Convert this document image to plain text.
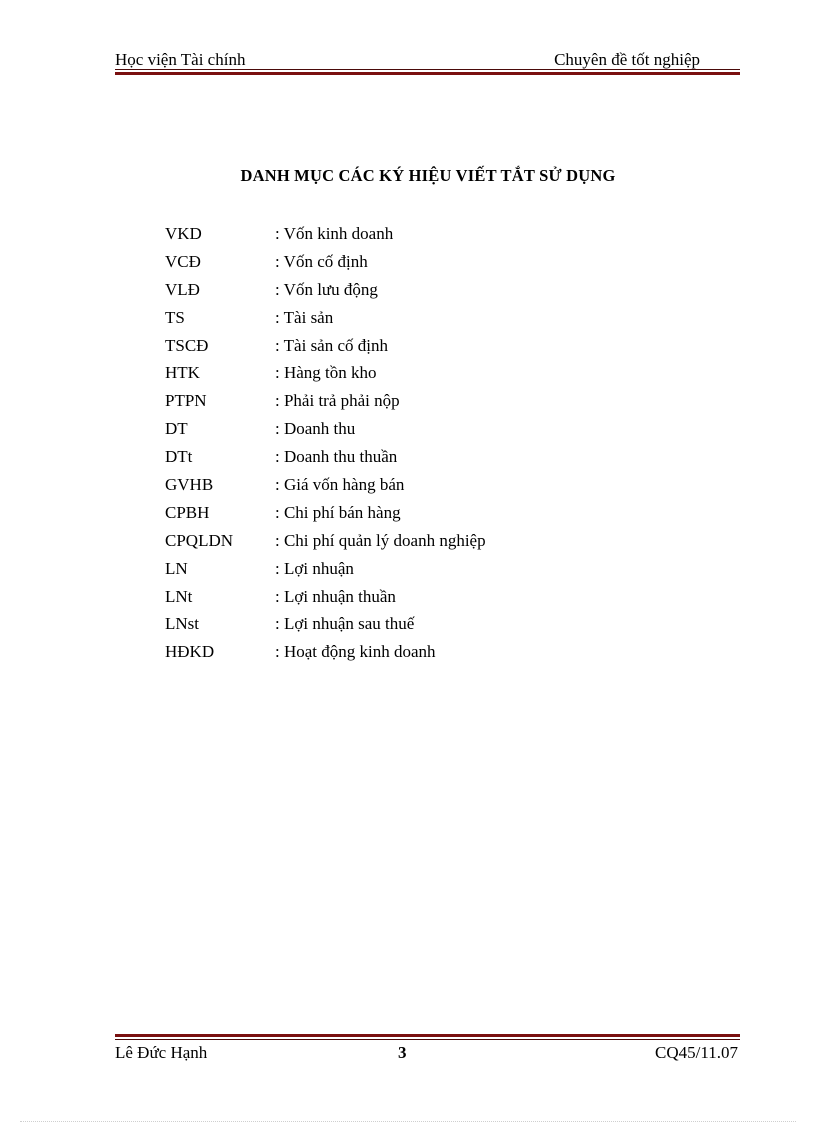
Học viện Tài chính	Chuyên đề tốt nghiệp
DANH MỤC CÁC KÝ HIỆU VIẾT TẮT SỬ DỤNG
VKD	: Vốn kinh doanh
VCĐ	: Vốn cố định
VLĐ	: Vốn lưu động
TS	: Tài sản
TSCĐ	: Tài sản cố định
HTK	: Hàng tồn kho
PTPN	: Phải trả phải nộp
DT	: Doanh thu
DTt	: Doanh thu thuần
GVHB	: Giá vốn hàng bán
CPBH	: Chi phí bán hàng
CPQLDN	: Chi phí quản lý doanh nghiệp
LN	: Lợi nhuận
LNt	: Lợi nhuận thuần
LNst	: Lợi nhuận sau thuế
HĐKD	: Hoạt động kinh doanh
Lê Đức Hạnh	3	CQ45/11.07
